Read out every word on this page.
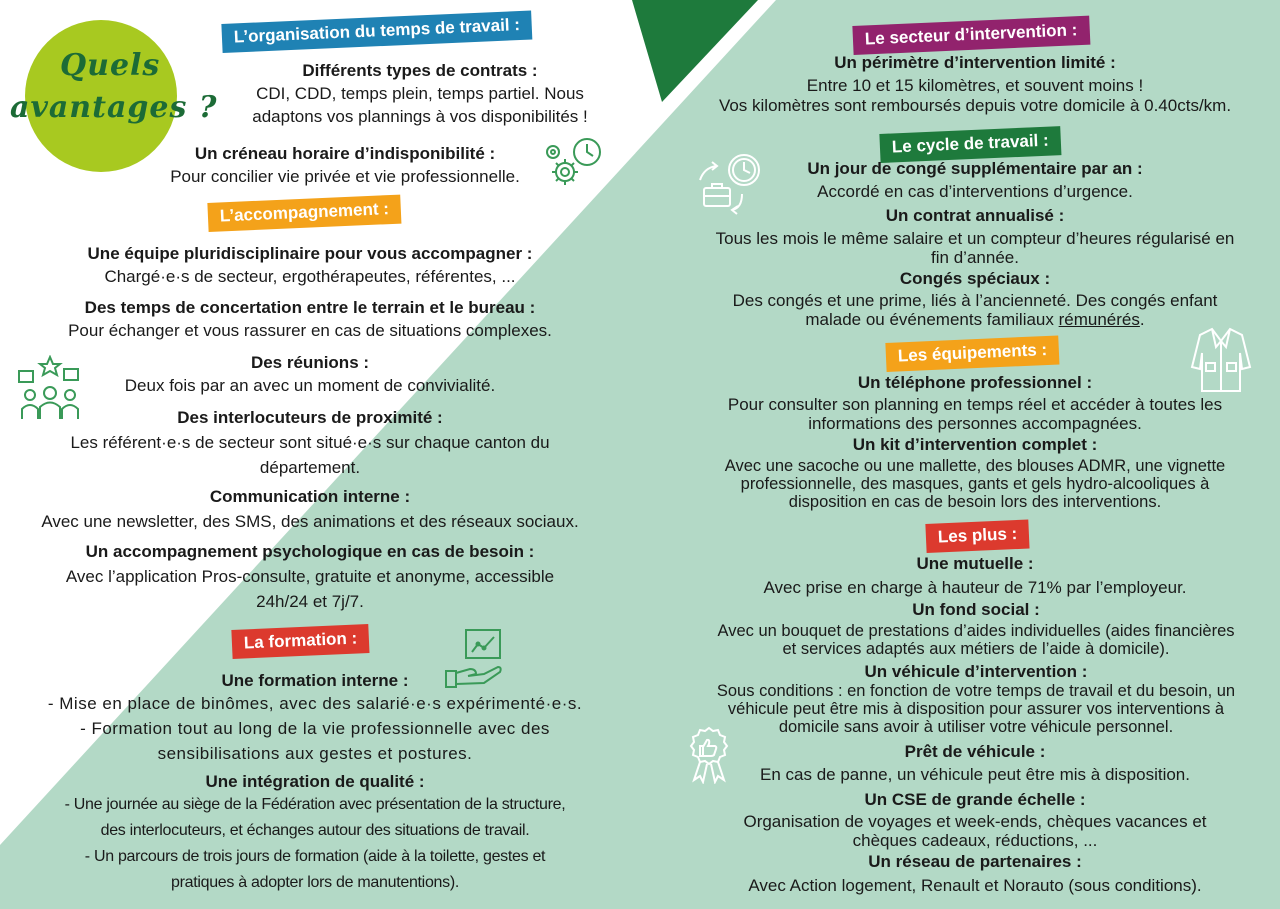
Quels
avantages ?
L’organisation du temps de travail :
Différents types de contrats :
CDI, CDD, temps plein, temps partiel. Nous
adaptons vos plannings à vos disponibilités !
Un créneau horaire d’indisponibilité :
Pour concilier vie privée et vie professionnelle.
L’accompagnement :
Une équipe pluridisciplinaire pour vous accompagner :
Chargé·e·s de secteur, ergothérapeutes, référentes, ...
Des temps de concertation entre le terrain et le bureau :
Pour échanger et vous rassurer en cas de situations complexes.
Des réunions :
Deux fois par an avec un moment de convivialité.
Des interlocuteurs de proximité :
Les référent·e·s de secteur sont situé·e·s sur chaque canton du
département.
Communication interne :
Avec une newsletter, des SMS, des animations et des réseaux sociaux.
Un accompagnement psychologique en cas de besoin :
Avec l’application Pros-consulte, gratuite et anonyme, accessible
24h/24 et 7j/7.
La formation :
Une formation interne :
- Mise en place de binômes, avec des salarié·e·s expérimenté·e·s.
- Formation tout au long de la vie professionnelle avec des
sensibilisations aux gestes et postures.
Une intégration de qualité :
- Une journée au siège de la Fédération avec présentation de la structure,
des interlocuteurs, et échanges autour des situations de travail.
- Un parcours de trois jours de formation (aide à la toilette, gestes et
pratiques à adopter lors de manutentions).
Le secteur d’intervention :
Un périmètre d’intervention limité :
Entre 10 et 15 kilomètres, et souvent moins !
Vos kilomètres sont remboursés depuis votre domicile à 0.40cts/km.
Le cycle de travail :
Un jour de congé supplémentaire par an :
Accordé en cas d’interventions d’urgence.
Un contrat annualisé :
Tous les mois le même salaire et un compteur d’heures régularisé en
fin d’année.
Congés spéciaux :
Des congés et une prime, liés à l’ancienneté. Des congés enfant
malade ou événements familiaux rémunérés.
Les équipements :
Un téléphone professionnel :
Pour consulter son planning en temps réel et accéder à toutes les
informations des personnes accompagnées.
Un kit d’intervention complet :
Avec une sacoche ou une mallette, des blouses ADMR, une vignette
professionnelle, des masques, gants et gels hydro-alcooliques à
disposition en cas de besoin lors des interventions.
Les plus :
Une mutuelle :
Avec prise en charge à hauteur de 71% par l’employeur.
Un fond social :
Avec un bouquet de prestations d’aides individuelles (aides financières
et services adaptés aux métiers de l’aide à domicile).
Un véhicule d’intervention :
Sous conditions : en fonction de votre temps de travail et du besoin, un
véhicule peut être mis à disposition pour assurer vos interventions à
domicile sans avoir à utiliser votre véhicule personnel.
Prêt de véhicule :
En cas de panne, un véhicule peut être mis à disposition.
Un CSE de grande échelle :
Organisation de voyages et week-ends, chèques vacances et
chèques cadeaux, réductions, ...
Un réseau de partenaires :
Avec Action logement, Renault et Norauto (sous conditions).
